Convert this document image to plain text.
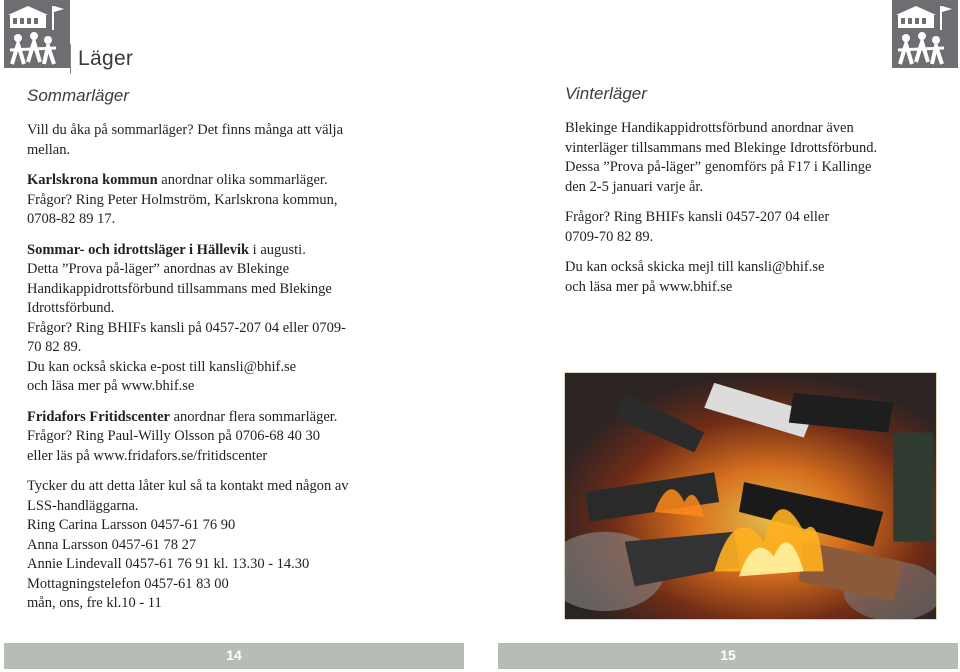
Läger
Sommarläger

Vill du åka på sommarläger? Det finns många att välja
mellan.

Karlskrona kommun anordnar olika sommarläger.
Frågor? Ring Peter Holmström, Karlskrona kommun,
0708-82 89 17.

Sommar- och idrottsläger i Hällevik i augusti.
Detta ”Prova på-läger” anordnas av Blekinge
Handikappidrottsförbund tillsammans med Blekinge
Idrottsförbund.
Frågor? Ring BHIFs kansli på 0457-207 04 eller 0709-
70 82 89.
Du kan också skicka e-post till kansli@bhif.se
och läsa mer på www.bhif.se

Fridafors Fritidscenter anordnar flera sommarläger.
Frågor? Ring Paul-Willy Olsson på 0706-68 40 30
eller läs på www.fridafors.se/fritidscenter

Tycker du att detta låter kul så ta kontakt med någon av
LSS-handläggarna.
Ring Carina Larsson 0457-61 76 90
Anna Larsson 0457-61 78 27
Annie Lindevall 0457-61 76 91 kl. 13.30 - 14.30
Mottagningstelefon 0457-61 83 00
mån, ons, fre kl.10 - 11

Vinterläger

Blekinge Handikappidrottsförbund anordnar även
vinterläger tillsammans med Blekinge Idrottsförbund.
Dessa ”Prova på-läger” genomförs på F17 i Kallinge
den 2-5 januari varje år.

Frågor? Ring BHIFs kansli 0457-207 04 eller
0709-70 82 89.

Du kan också skicka mejl till kansli@bhif.se
och läsa mer på www.bhif.se

14	15
